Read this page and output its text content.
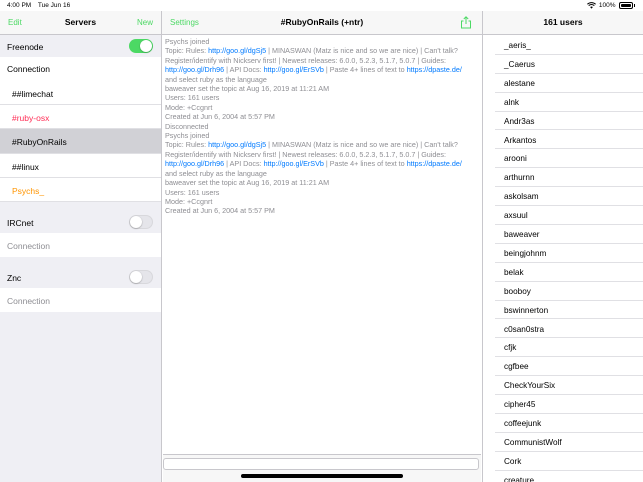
4:00 PM Tue Jun 16	100%
Edit	Servers	New
Freenode
Connection
##limechat
#ruby-osx
#RubyOnRails
##linux
Psychs_
IRCnet
Connection
Znc
Connection
Settings	#RubyOnRails (+ntr)
Psychs joined
Topic: Rules: http://goo.gl/dgSj5 | MINASWAN (Matz is nice and so we are nice) | Can't talk?
Register/identify with Nickserv first! | Newest releases: 6.0.0, 5.2.3, 5.1.7, 5.0.7 | Guides:
http://goo.gl/Drh96 | API Docs: http://goo.gl/ErSVb | Paste 4+ lines of text to https://dpaste.de/
and select ruby as the language
baweaver set the topic at Aug 16, 2019 at 11:21 AM
Users: 161 users
Mode: +Ccgnrt
Created at Jun 6, 2004 at 5:57 PM
Disconnected
Psychs joined
Topic: Rules: http://goo.gl/dgSj5 | MINASWAN (Matz is nice and so we are nice) | Can't talk?
Register/identify with Nickserv first! | Newest releases: 6.0.0, 5.2.3, 5.1.7, 5.0.7 | Guides:
http://goo.gl/Drh96 | API Docs: http://goo.gl/ErSVb | Paste 4+ lines of text to https://dpaste.de/
and select ruby as the language
baweaver set the topic at Aug 16, 2019 at 11:21 AM
Users: 161 users
Mode: +Ccgnrt
Created at Jun 6, 2004 at 5:57 PM
161 users
_aeris_
_Caerus
alestane
alnk
Andr3as
Arkantos
arooni
arthurnn
askolsam
axsuul
baweaver
beingjohnm
belak
booboy
bswinnerton
c0san0stra
cfjk
cgfbee
CheckYourSix
cipher45
coffeejunk
CommunistWolf
Cork
creature
